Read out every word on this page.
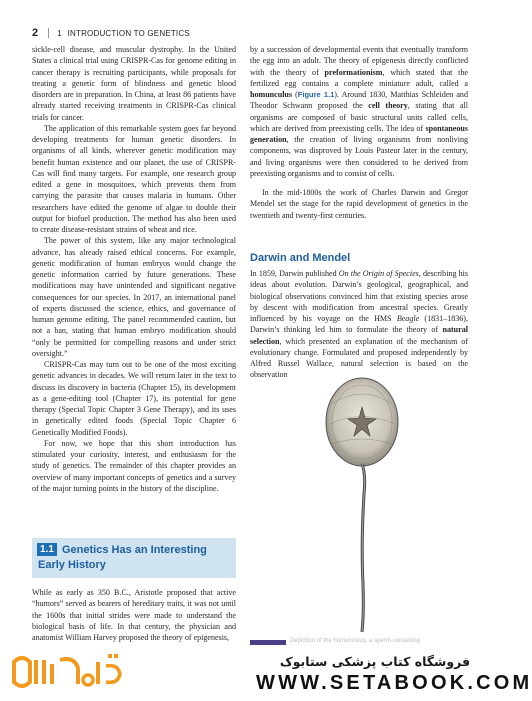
2 1 INTRODUCTION TO GENETICS

sickle-cell disease, and muscular dystrophy. In the United States a clinical trial using CRISPR-Cas for genome editing in cancer therapy is recruiting participants, while proposals for treating a genetic form of blindness and genetic blood disorders are in preparation. In China, at least 86 patients have already started receiving treatments in CRISPR-Cas clinical trials for cancer.

The application of this remarkable system goes far beyond developing treatments for human genetic disorders. In organisms of all kinds, wherever genetic modification may benefit human existence and our planet, the use of CRISPR-Cas will find many targets. For example, one research group edited a gene in mosquitoes, which prevents them from carrying the parasite that causes malaria in humans. Other researchers have edited the genome of algae to double their output for biofuel production. The method has also been used to create disease-resistant strains of wheat and rice.

The power of this system, like any major technological advance, has already raised ethical concerns. For example, genetic modification of human embryos would change the genetic information carried by future generations. These modifications may have unintended and significant negative consequences for our species. In 2017, an international panel of experts discussed the science, ethics, and governance of human genome editing. The panel recommended caution, but not a ban, stating that human embryo modification should “only be permitted for compelling reasons and under strict oversight.”

CRISPR-Cas may turn out to be one of the most exciting genetic advances in decades. We will return later in the text to discuss its discovery in bacteria (Chapter 15), its development as a gene-editing tool (Chapter 17), its potential for gene therapy (Special Topic Chapter 3 Gene Therapy), and its uses in genetically edited foods (Special Topic Chapter 6 Genetically Modified Foods).

For now, we hope that this short introduction has stimulated your curiosity, interest, and enthusiasm for the study of genetics. The remainder of this chapter provides an overview of many important concepts of genetics and a survey of the major turning points in the history of the discipline.

1.1 Genetics Has an Interesting
Early History

While as early as 350 B.C., Aristotle proposed that active “humors” served as bearers of hereditary traits, it was not until the 1600s that initial strides were made to understand the biological basis of life. In that century, the physician and anatomist William Harvey proposed the theory of epigenesis,

by a succession of developmental events that eventually transform the egg into an adult. The theory of epigenesis directly conflicted with the theory of preformationism, which stated that the fertilized egg contains a complete miniature adult, called a homunculus (Figure 1.1). Around 1830, Matthias Schleiden and Theodor Schwann proposed the cell theory, stating that all organisms are composed of basic structural units called cells, which are derived from preexisting cells. The idea of spontaneous generation, the creation of living organisms from nonliving components, was disproved by Louis Pasteur later in the century, and living organisms were then considered to be derived from preexisting organisms and to consist of cells.

In the mid-1800s the work of Charles Darwin and Gregor Mendel set the stage for the rapid development of genetics in the twentieth and twenty-first centuries.

Darwin and Mendel

In 1859, Darwin published On the Origin of Species, describing his ideas about evolution. Darwin’s geological, geographical, and biological observations convinced him that existing species arose by descent with modification from ancestral species. Greatly influenced by his voyage on the HMS Beagle (1831–1836), Darwin’s thinking led him to formulate the theory of natural selection, which presented an explanation of the mechanism of evolutionary change. Formulated and proposed independently by Alfred Russel Wallace, natural selection is based on the observation

Depiction of the homunculus, a sperm-containing
فروشگاه کتاب پزشکی ستابوک
WWW.SETABOOK.COM
